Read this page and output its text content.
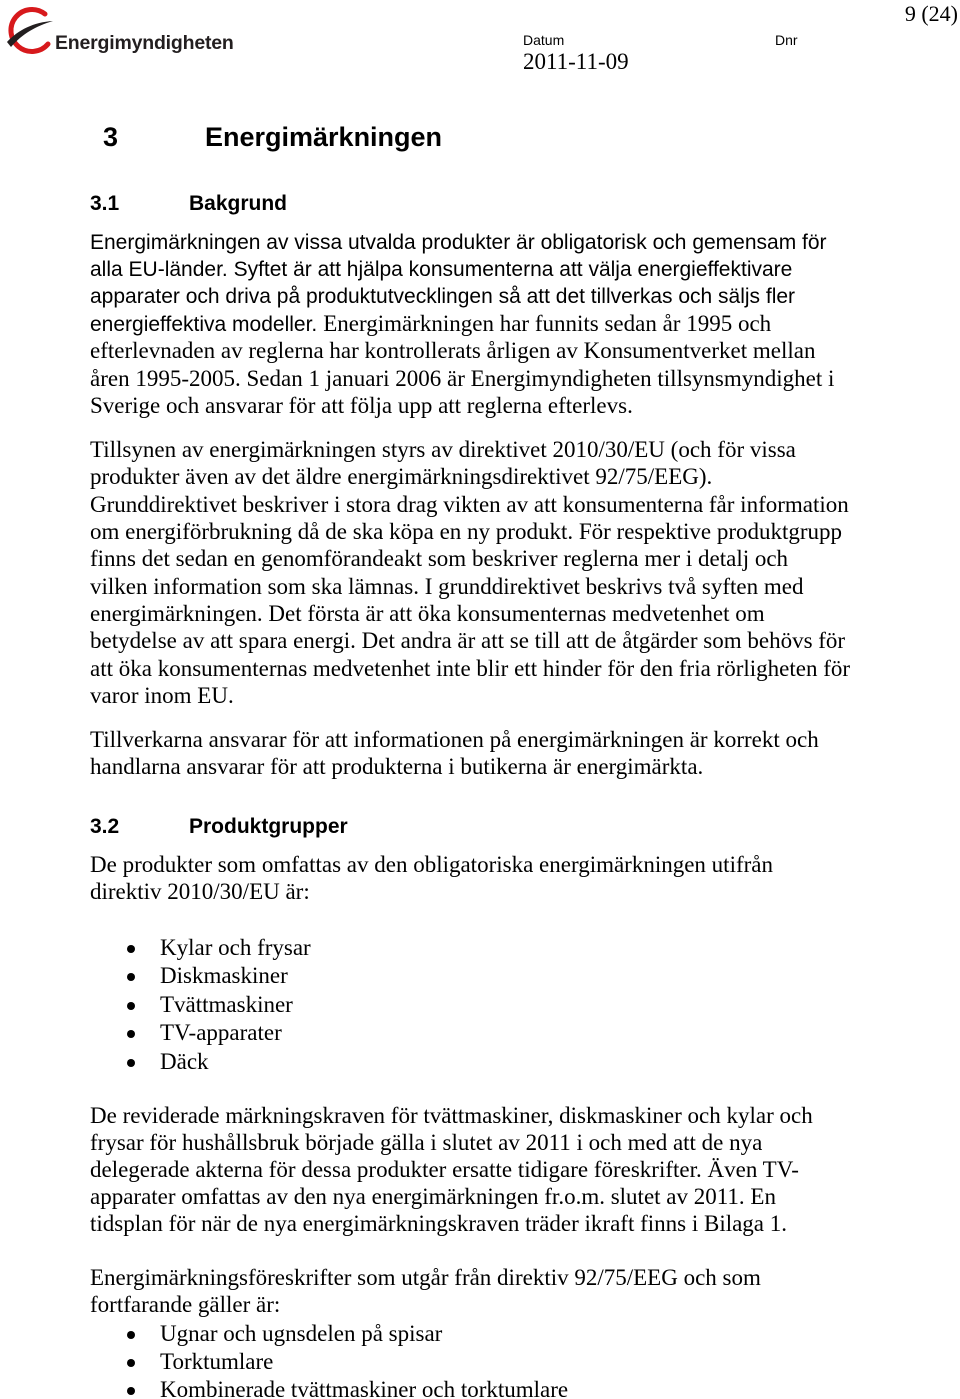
Energimyndigheten	Datum
2011-11-09
Dnr
9 (24)
3	Energimärkningen
3.1	Bakgrund
Energimärkningen av vissa utvalda produkter är obligatorisk och gemensam för
alla EU-länder. Syftet är att hjälpa konsumenterna att välja energieffektivare
apparater och driva på produktutvecklingen så att det tillverkas och säljs fler
energieffektiva modeller. Energimärkningen har funnits sedan år 1995 och
efterlevnaden av reglerna har kontrollerats årligen av Konsumentverket mellan
åren 1995-2005. Sedan 1 januari 2006 är Energimyndigheten tillsynsmyndighet i
Sverige och ansvarar för att följa upp att reglerna efterlevs.
Tillsynen av energimärkningen styrs av direktivet 2010/30/EU (och för vissa
produkter även av det äldre energimärkningsdirektivet 92/75/EEG).
Grunddirektivet beskriver i stora drag vikten av att konsumenterna får information
om energiförbrukning då de ska köpa en ny produkt. För respektive produktgrupp
finns det sedan en genomförandeakt som beskriver reglerna mer i detalj och
vilken information som ska lämnas. I grunddirektivet beskrivs två syften med
energimärkningen. Det första är att öka konsumenternas medvetenhet om
betydelse av att spara energi. Det andra är att se till att de åtgärder som behövs för
att öka konsumenternas medvetenhet inte blir ett hinder för den fria rörligheten för
varor inom EU.
Tillverkarna ansvarar för att informationen på energimärkningen är korrekt och
handlarna ansvarar för att produkterna i butikerna är energimärkta.
3.2	Produktgrupper
De produkter som omfattas av den obligatoriska energimärkningen utifrån
direktiv 2010/30/EU är:
Kylar och frysar
Diskmaskiner
Tvättmaskiner
TV-apparater
Däck
De reviderade märkningskraven för tvättmaskiner, diskmaskiner och kylar och
frysar för hushållsbruk började gälla i slutet av 2011 i och med att de nya
delegerade akterna för dessa produkter ersatte tidigare föreskrifter. Även TV-
apparater omfattas av den nya energimärkningen fr.o.m. slutet av 2011. En
tidsplan för när de nya energimärkningskraven träder ikraft finns i Bilaga 1.
Energimärkningsföreskrifter som utgår från direktiv 92/75/EEG och som
fortfarande gäller är:
Ugnar och ugnsdelen på spisar
Torktumlare
Kombinerade tvättmaskiner och torktumlare
